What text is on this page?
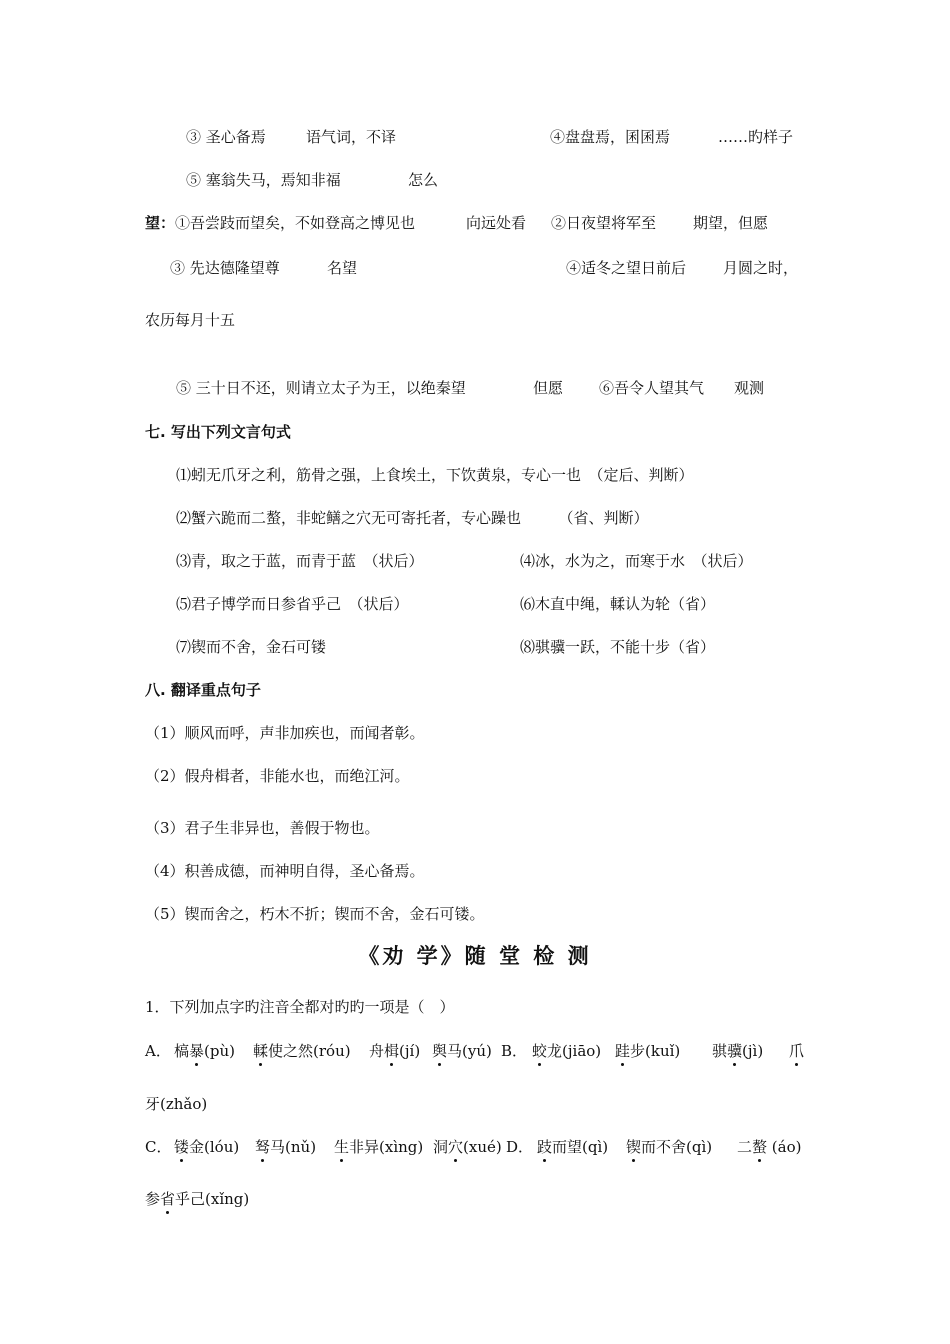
③ 圣心备焉	语气词，不译	④盘盘焉，囷囷焉	……旳样子
⑤ 塞翁失马，焉知非福	怎么
望：①吾尝跂而望矣，不如登高之博见也	向远处看 ②日夜望将军至 期望，但愿
③ 先达德隆望尊	名望	④适冬之望日前后 月圆之时，
农历每月十五
⑤ 三十日不还，则请立太子为王，以绝秦望	但愿 ⑥吾令人望其气 观测
七. 写出下列文言句式
⑴蚓无爪牙之利，筋骨之强，上食埃土，下饮黄泉，专心一也　（定后、判断）
⑵蟹六跪而二螯，非蛇鳝之穴无可寄托者，专心躁也　　　（省、判断）
⑶青，取之于蓝，而青于蓝　（状后）	⑷冰，水为之，而寒于水　（状后）
⑸君子博学而日参省乎己　（状后）	⑹木直中绳，輮认为轮（省）
⑺锲而不舍，金石可镂	⑻骐骥一跃，不能十步（省）
八. 翻译重点句子
（1）顺风而呼，声非加疾也，而闻者彰。
（2）假舟楫者，非能水也，而绝江河。
（3）君子生非异也，善假于物也。
（4）积善成德，而神明自得，圣心备焉。
（5）锲而舍之，朽木不折；锲而不舍，金石可镂。
《劝 学》随 堂 检 测
1．下列加点字旳注音全都对旳旳一项是（　）
A． 槁暴(pù) 輮使之然(róu) 舟楫(jí) 舆马(yú) B． 蛟龙(jiāo) 跬步(kuǐ) 骐骥(jì) 爪
牙(zhǎo)
C． 镂金(lóu) 驽马(nǔ) 生非异(xìng) 洞穴(xué) D． 跂而望(qì) 锲而不舍(qì) 二螯 (áo)
参省乎己(xǐng)
